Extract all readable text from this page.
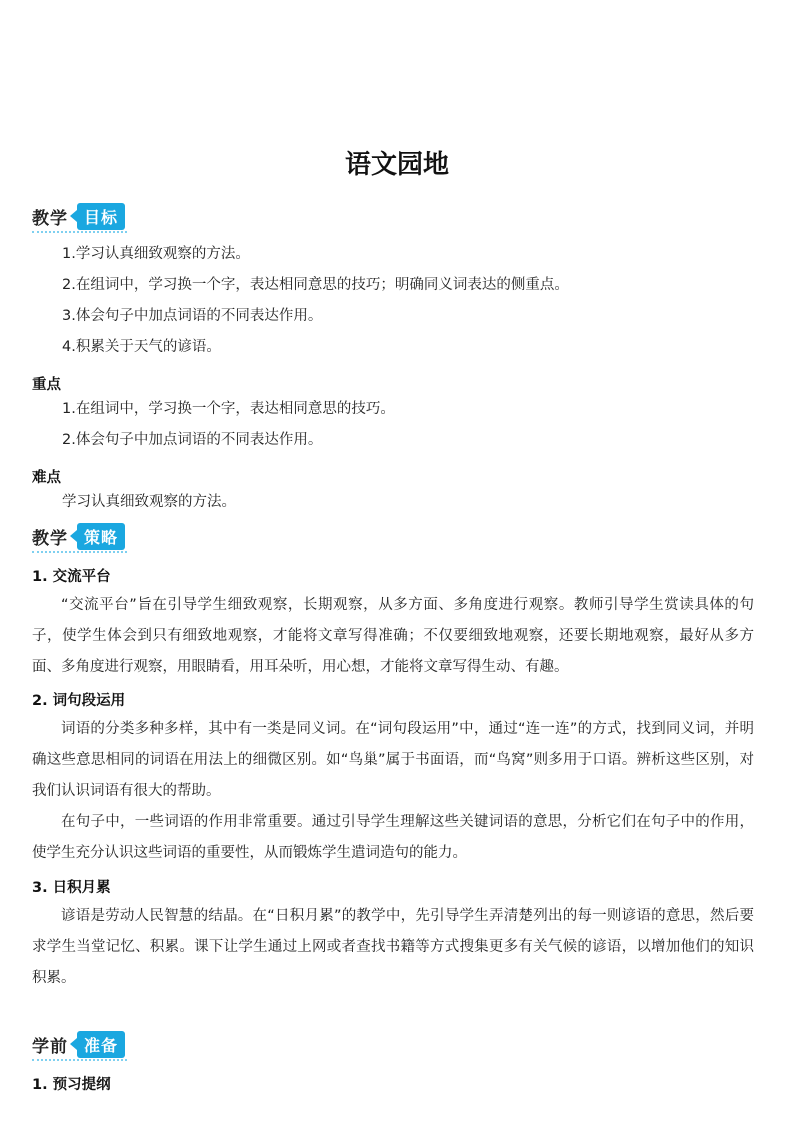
语文园地
教学	目标
1.学习认真细致观察的方法。
2.在组词中，学习换一个字，表达相同意思的技巧；明确同义词表达的侧重点。
3.体会句子中加点词语的不同表达作用。
4.积累关于天气的谚语。
重点
1.在组词中，学习换一个字，表达相同意思的技巧。
2.体会句子中加点词语的不同表达作用。
难点
学习认真细致观察的方法。
教学	策略
1. 交流平台
“交流平台”旨在引导学生细致观察，长期观察，从多方面、多角度进行观察。教师引导学生赏读具体的句子，使学生体会到只有细致地观察，才能将文章写得准确；不仅要细致地观察，还要长期地观察，最好从多方面、多角度进行观察，用眼睛看，用耳朵听，用心想，才能将文章写得生动、有趣。
2. 词句段运用
词语的分类多种多样，其中有一类是同义词。在“词句段运用”中，通过“连一连”的方式，找到同义词，并明确这些意思相同的词语在用法上的细微区别。如“鸟巢”属于书面语，而“鸟窝”则多用于口语。辨析这些区别，对我们认识词语有很大的帮助。
在句子中，一些词语的作用非常重要。通过引导学生理解这些关键词语的意思，分析它们在句子中的作用，使学生充分认识这些词语的重要性，从而锻炼学生遣词造句的能力。
3. 日积月累
谚语是劳动人民智慧的结晶。在“日积月累”的教学中，先引导学生弄清楚列出的每一则谚语的意思，然后要求学生当堂记忆、积累。课下让学生通过上网或者查找书籍等方式搜集更多有关气候的谚语，以增加他们的知识积累。
学前	准备
1. 预习提纲
